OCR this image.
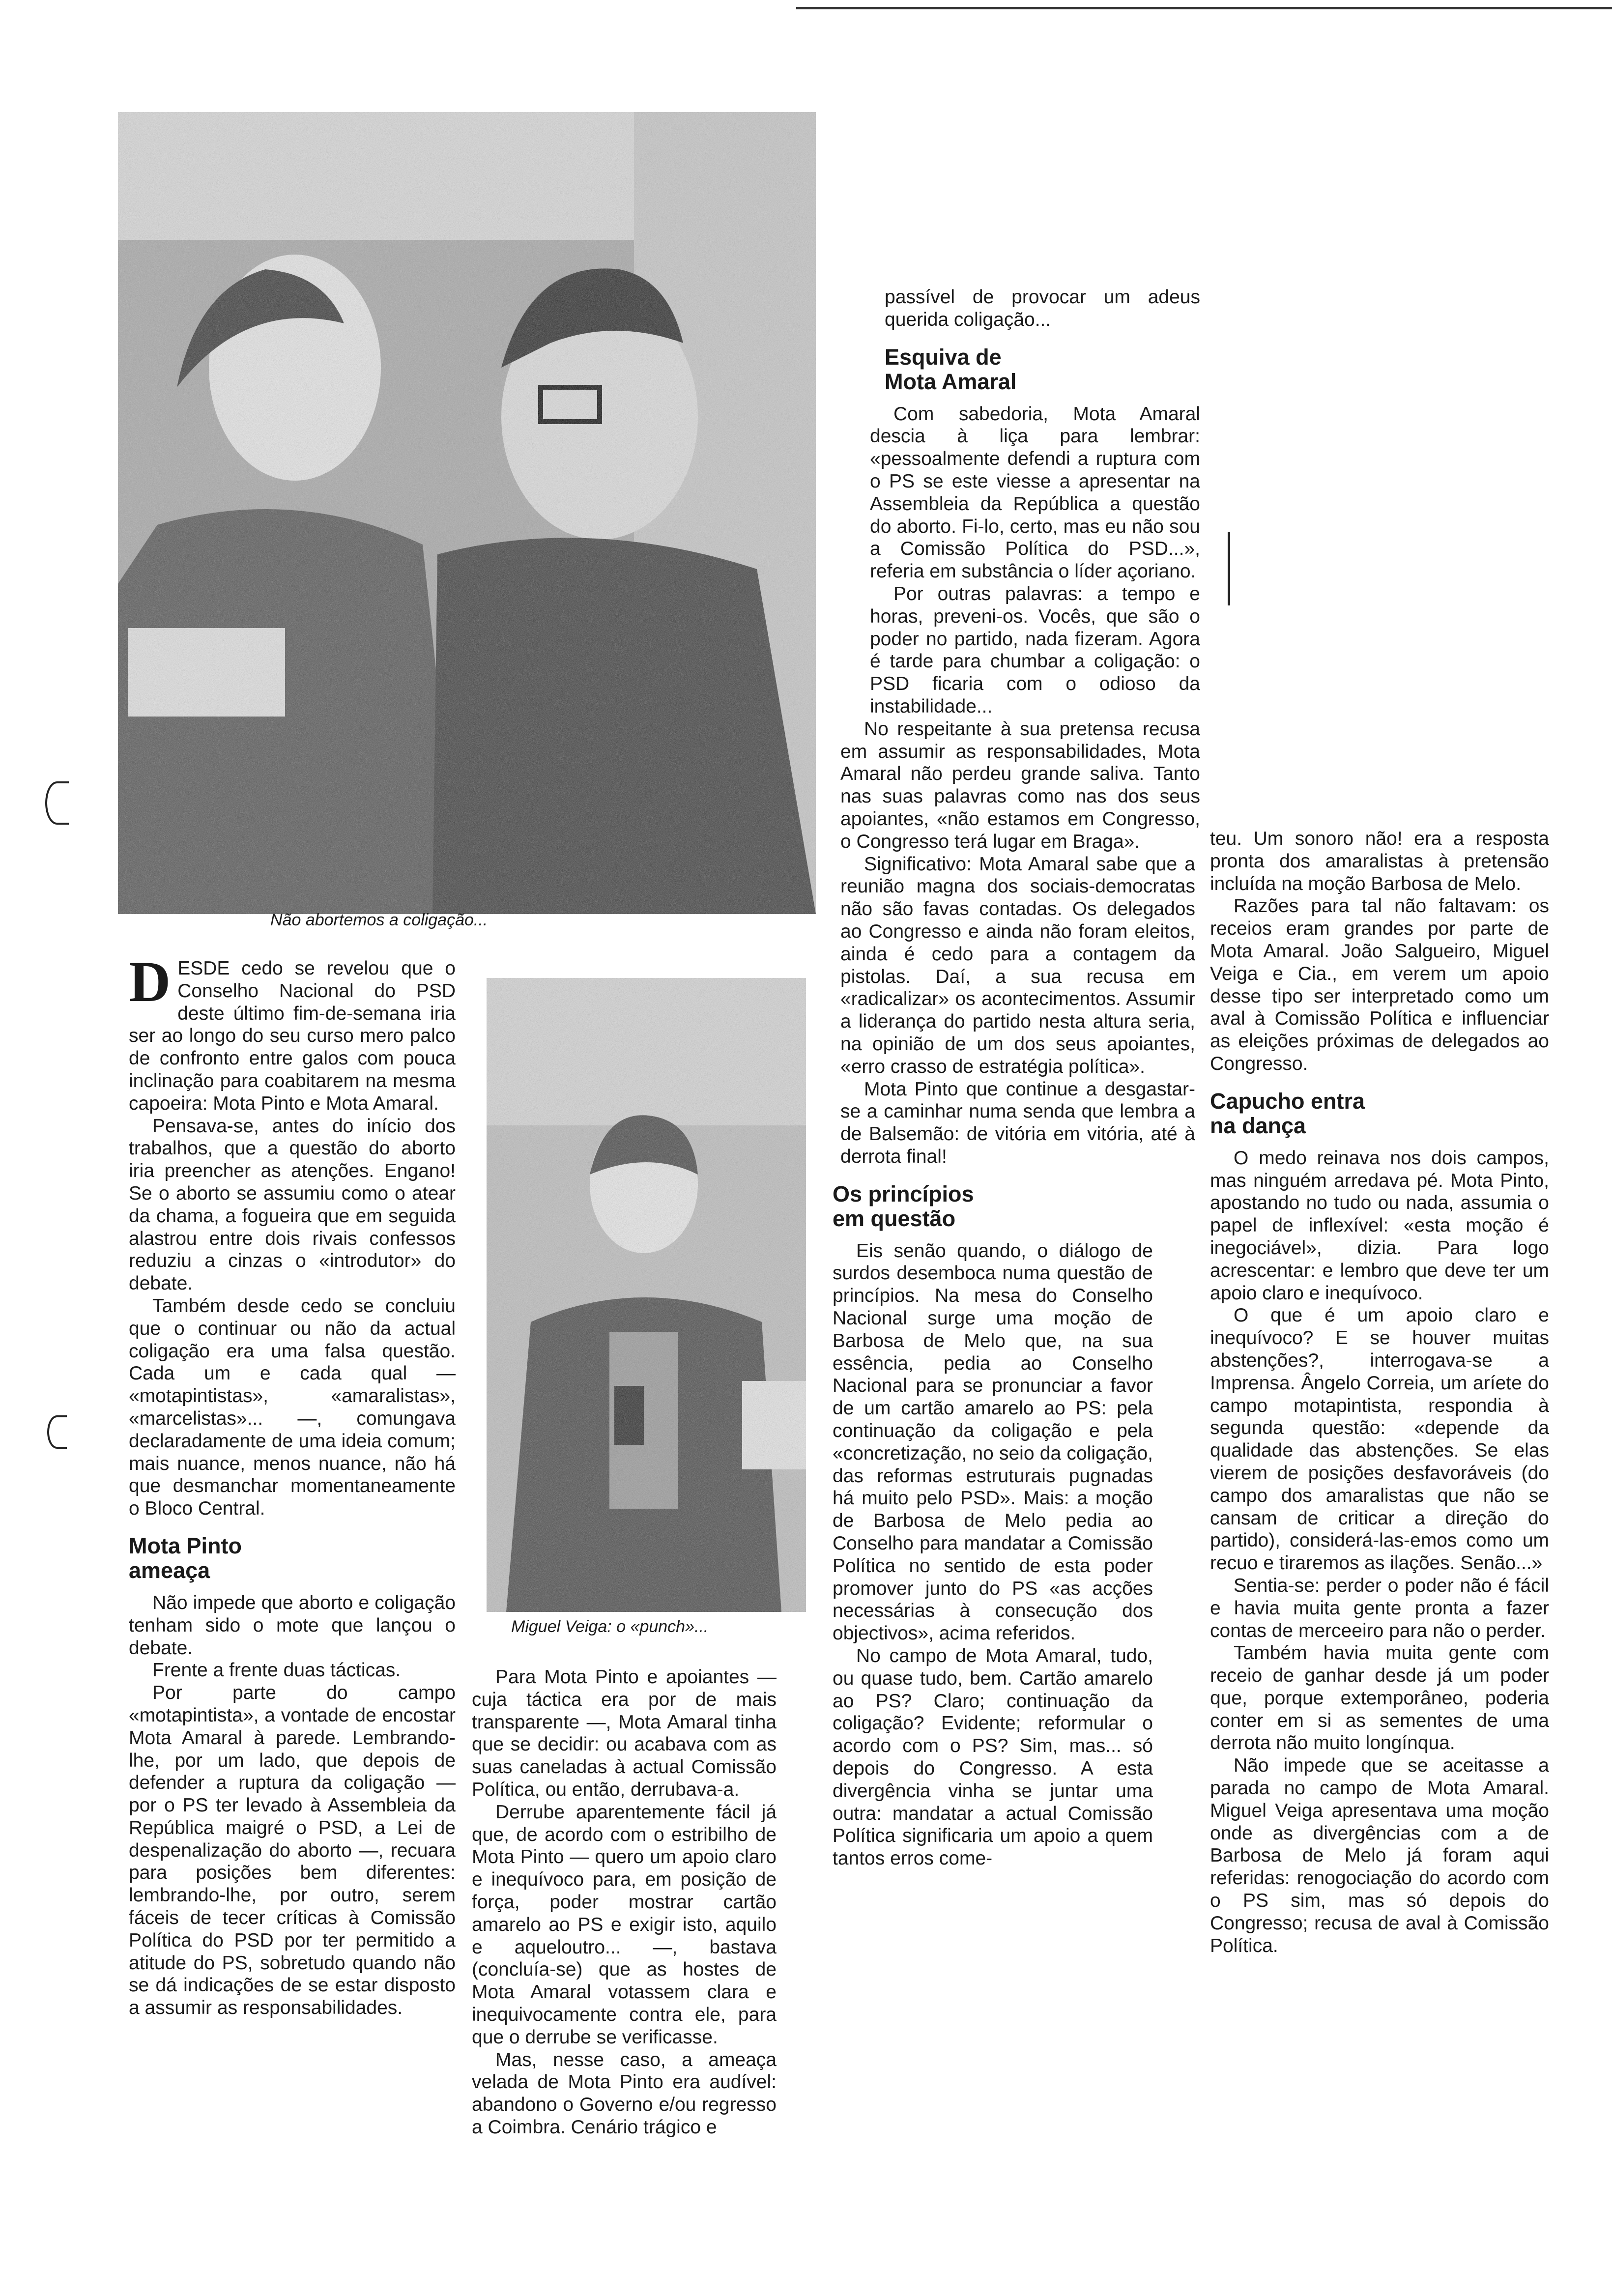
Não abortemos a coligação...
Miguel Veiga: o «punch»...

DESDE cedo se revelou que o Conselho Nacional do PSD deste último fim-de-semana iria ser ao longo do seu curso mero palco de confronto entre galos com pouca inclinação para coabitarem na mesma capoeira: Mota Pinto e Mota Amaral.

Pensava-se, antes do início dos trabalhos, que a questão do aborto iria preencher as atenções. Engano! Se o aborto se assumiu como o atear da chama, a fogueira que em seguida alastrou entre dois rivais confessos reduziu a cinzas o «introdutor» do debate.

Também desde cedo se concluiu que o continuar ou não da actual coligação era uma falsa questão. Cada um e cada qual — «motapintistas», «amaralistas», «marcelistas»... —, comungava declaradamente de uma ideia comum; mais nuance, menos nuance, não há que desmanchar momentaneamente o Bloco Central.

Mota Pinto
ameaça

Não impede que aborto e coligação tenham sido o mote que lançou o debate.

Frente a frente duas tácticas.

Por parte do campo «motapintista», a vontade de encostar Mota Amaral à parede. Lembrando-lhe, por um lado, que depois de defender a ruptura da coligação — por o PS ter levado à Assembleia da República maigré o PSD, a Lei de despenalização do aborto —, recuara para posições bem diferentes: lembrando-lhe, por outro, serem fáceis de tecer críticas à Comissão Política do PSD por ter permitido a atitude do PS, sobretudo quando não se dá indicações de se estar disposto a assumir as responsabilidades.

Para Mota Pinto e apoiantes — cuja táctica era por de mais transparente —, Mota Amaral tinha que se decidir: ou acabava com as suas caneladas à actual Comissão Política, ou então, derrubava-a.

Derrube aparentemente fácil já que, de acordo com o estribilho de Mota Pinto — quero um apoio claro e inequívoco para, em posição de força, poder mostrar cartão amarelo ao PS e exigir isto, aquilo e aqueloutro... —, bastava (concluía-se) que as hostes de Mota Amaral votassem clara e inequivocamente contra ele, para que o derrube se verificasse.

Mas, nesse caso, a ameaça velada de Mota Pinto era audível: abandono o Governo e/ou regresso a Coimbra. Cenário trágico e

passível de provocar um adeus querida coligação...

Esquiva de
Mota Amaral

Com sabedoria, Mota Amaral descia à liça para lembrar: «pessoalmente defendi a ruptura com o PS se este viesse a apresentar na Assembleia da República a questão do aborto. Fi-lo, certo, mas eu não sou a Comissão Política do PSD...», referia em substância o líder açoriano.

Por outras palavras: a tempo e horas, preveni-os. Vocês, que são o poder no partido, nada fizeram. Agora é tarde para chumbar a coligação: o PSD ficaria com o odioso da instabilidade...

No respeitante à sua pretensa recusa em assumir as responsabilidades, Mota Amaral não perdeu grande saliva. Tanto nas suas palavras como nas dos seus apoiantes, «não estamos em Congresso, o Congresso terá lugar em Braga».

Significativo: Mota Amaral sabe que a reunião magna dos sociais-democratas não são favas contadas. Os delegados ao Congresso e ainda não foram eleitos, ainda é cedo para a contagem da pistolas. Daí, a sua recusa em «radicalizar» os acontecimentos. Assumir a liderança do partido nesta altura seria, na opinião de um dos seus apoiantes, «erro crasso de estratégia política».

Mota Pinto que continue a desgastar-se a caminhar numa senda que lembra a de Balsemão: de vitória em vitória, até à derrota final!

Os princípios
em questão

Eis senão quando, o diálogo de surdos desemboca numa questão de princípios. Na mesa do Conselho Nacional surge uma moção de Barbosa de Melo que, na sua essência, pedia ao Conselho Nacional para se pronunciar a favor de um cartão amarelo ao PS: pela continuação da coligação e pela «concretização, no seio da coligação, das reformas estruturais pugnadas há muito pelo PSD». Mais: a moção de Barbosa de Melo pedia ao Conselho para mandatar a Comissão Política no sentido de esta poder promover junto do PS «as acções necessárias à consecução dos objectivos», acima referidos.

No campo de Mota Amaral, tudo, ou quase tudo, bem. Cartão amarelo ao PS? Claro; continuação da coligação? Evidente; reformular o acordo com o PS? Sim, mas... só depois do Congresso. A esta divergência vinha se juntar uma outra: mandatar a actual Comissão Política significaria um apoio a quem tantos erros come-

teu. Um sonoro não! era a resposta pronta dos amaralistas à pretensão incluída na moção Barbosa de Melo.

Razões para tal não faltavam: os receios eram grandes por parte de Mota Amaral. João Salgueiro, Miguel Veiga e Cia., em verem um apoio desse tipo ser interpretado como um aval à Comissão Política e influenciar as eleições próximas de delegados ao Congresso.

Capucho entra
na dança

O medo reinava nos dois campos, mas ninguém arredava pé. Mota Pinto, apostando no tudo ou nada, assumia o papel de inflexível: «esta moção é inegociável», dizia. Para logo acrescentar: e lembro que deve ter um apoio claro e inequívoco.

O que é um apoio claro e inequívoco? E se houver muitas abstenções?, interrogava-se a Imprensa. Ângelo Correia, um aríete do campo motapintista, respondia à segunda questão: «depende da qualidade das abstenções. Se elas vierem de posições desfavoráveis (do campo dos amaralistas que não se cansam de criticar a direção do partido), considerá-las-emos como um recuo e tiraremos as ilações. Senão...»

Sentia-se: perder o poder não é fácil e havia muita gente pronta a fazer contas de merceeiro para não o perder.

Também havia muita gente com receio de ganhar desde já um poder que, porque extemporâneo, poderia conter em si as sementes de uma derrota não muito longínqua.

Não impede que se aceitasse a parada no campo de Mota Amaral. Miguel Veiga apresentava uma moção onde as divergências com a de Barbosa de Melo já foram aqui referidas: renogociação do acordo com o PS sim, mas só depois do Congresso; recusa de aval à Comissão Política.
